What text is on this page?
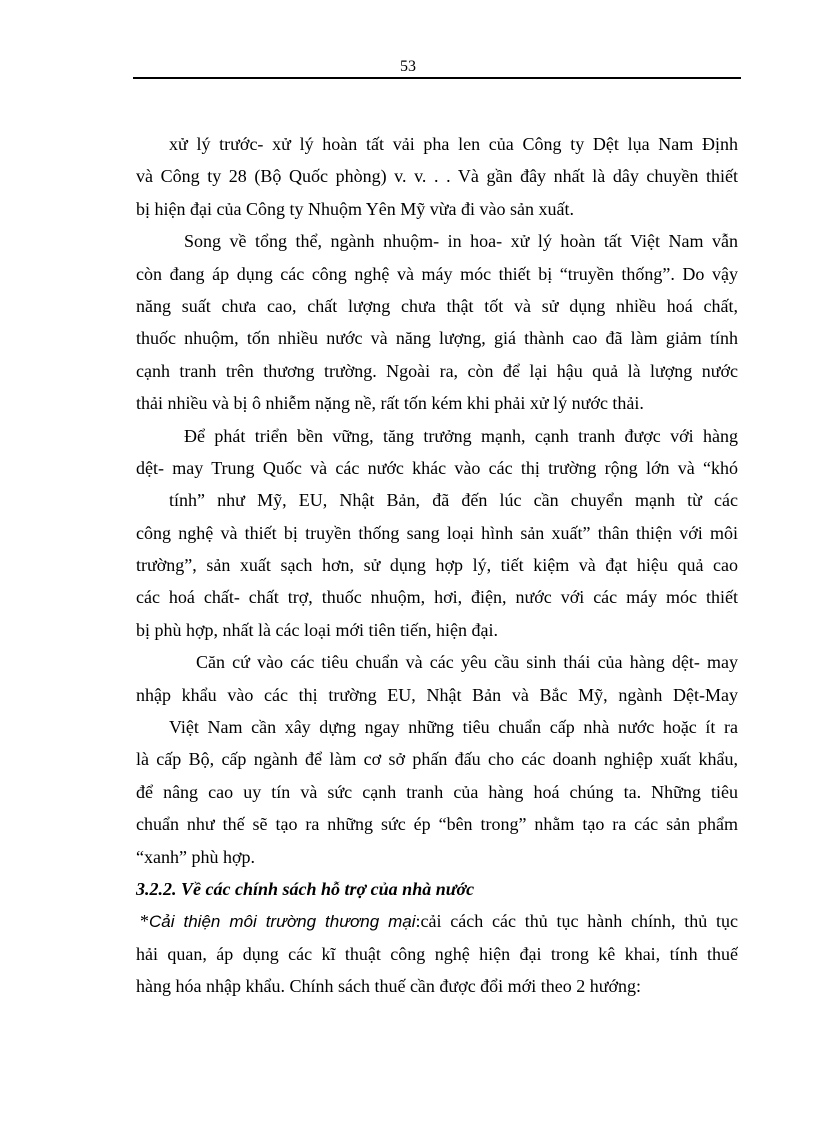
53
xử lý trước- xử lý hoàn tất vải pha len của Công ty Dệt lụa Nam Định
và Công ty 28 (Bộ Quốc phòng) v. v. . . Và gần đây nhất là dây chuyền thiết
bị hiện đại của Công ty Nhuộm Yên Mỹ vừa đi vào sản xuất.
Song về tổng thể, ngành nhuộm- in hoa- xử lý hoàn tất Việt Nam vẫn
còn đang áp dụng các công nghệ và máy móc thiết bị “truyền thống”. Do vậy
năng suất chưa cao, chất lượng chưa thật tốt và sử dụng nhiều hoá chất,
thuốc nhuộm, tốn nhiều nước và năng lượng, giá thành cao đã làm giảm tính
cạnh tranh trên thương trường. Ngoài ra, còn để lại hậu quả là lượng nước
thải nhiều và bị ô nhiễm nặng nề, rất tốn kém khi phải xử lý nước thải.
Để phát triển bền vững, tăng trưởng mạnh, cạnh tranh được với hàng
dệt- may Trung Quốc và các nước khác vào các thị trường rộng lớn và “khó
tính” như Mỹ, EU, Nhật Bản, đã đến lúc cần chuyển mạnh từ các
công nghệ và thiết bị truyền thống sang loại hình sản xuất” thân thiện với môi
trường”, sản xuất sạch hơn, sử dụng hợp lý, tiết kiệm và đạt hiệu quả cao
các hoá chất- chất trợ, thuốc nhuộm, hơi, điện, nước với các máy móc thiết
bị phù hợp, nhất là các loại mới tiên tiến, hiện đại.
Căn cứ vào các tiêu chuẩn và các yêu cầu sinh thái của hàng dệt- may
nhập khẩu vào các thị trường EU, Nhật Bản và Bắc Mỹ, ngành Dệt-May
Việt Nam cần xây dựng ngay những tiêu chuẩn cấp nhà nước hoặc ít ra
là cấp Bộ, cấp ngành để làm cơ sở phấn đấu cho các doanh nghiệp xuất khẩu,
để nâng cao uy tín và sức cạnh tranh của hàng hoá chúng ta. Những tiêu
chuẩn như thế sẽ tạo ra những sức ép “bên trong” nhằm tạo ra các sản phẩm
“xanh” phù hợp.
3.2.2. Về các chính sách hỗ trợ của nhà nước
*Cải thiện môi trường thương mại:cải cách các thủ tục hành chính, thủ tục
hải quan, áp dụng các kĩ thuật công nghệ hiện đại trong kê khai, tính thuế
hàng hóa nhập khẩu. Chính sách thuế cần được đổi mới theo 2 hướng:
